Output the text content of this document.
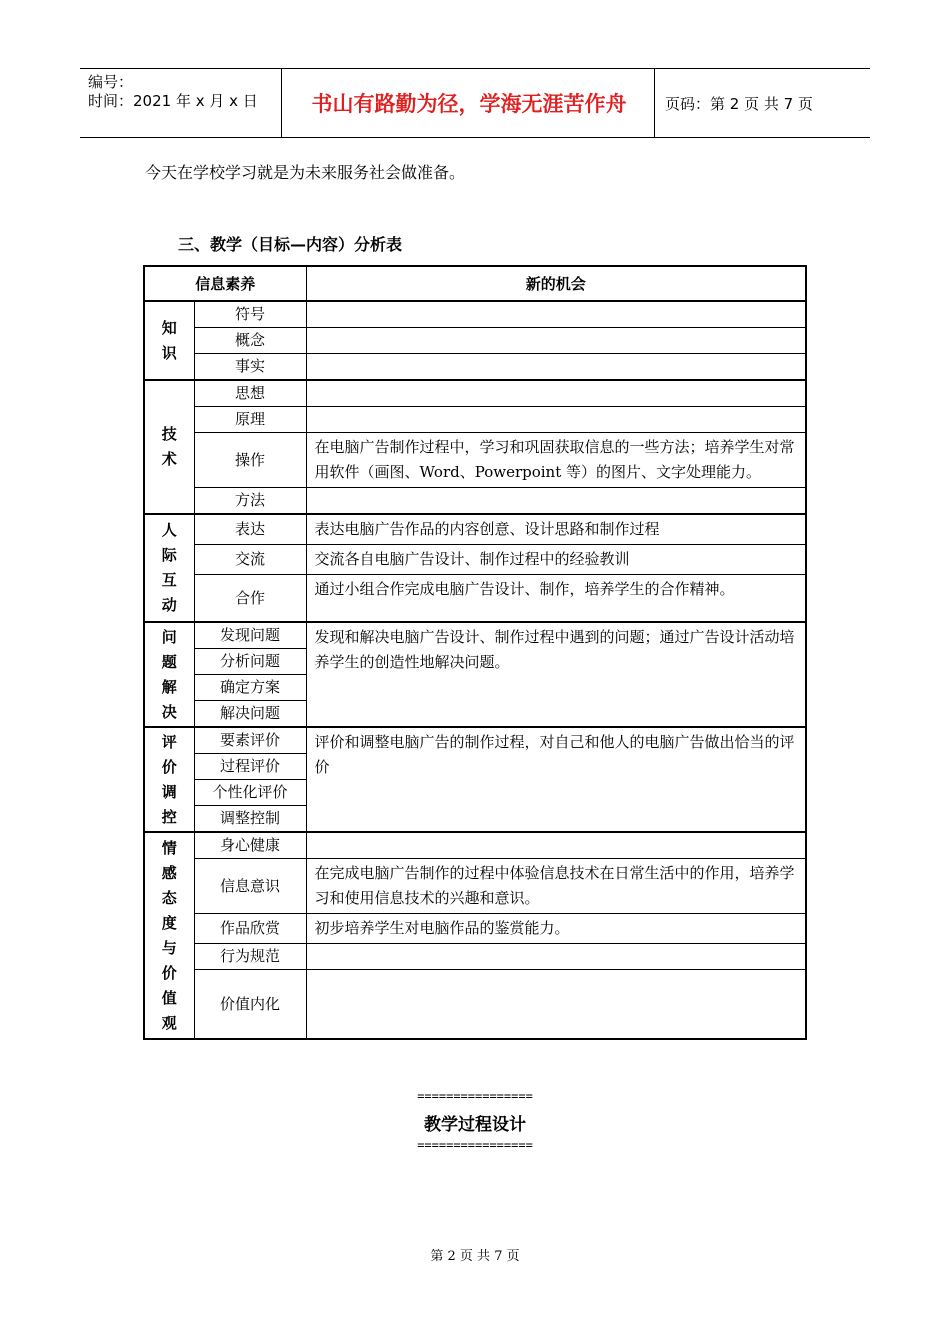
编号：
时间：2021 年 x 月 x 日	书山有路勤为径，学海无涯苦作舟	页码：第 2 页 共 7 页
今天在学校学习就是为未来服务社会做准备。
三、教学（目标—内容）分析表
信息素养		新的机会

知识	符号	
	概念	
	事实	

技术	思想	
	原理	
	操作	在电脑广告制作过程中，学习和巩固获取信息的一些方法；培养学生对常用软件（画图、Word、Powerpoint 等）的图片、文字处理能力。
	方法	

人际互动	表达	表达电脑广告作品的内容创意、设计思路和制作过程
	交流	交流各自电脑广告设计、制作过程中的经验教训
	合作	通过小组合作完成电脑广告设计、制作，培养学生的合作精神。

问题解决	发现问题	发现和解决电脑广告设计、制作过程中遇到的问题；通过广告设计活动培养学生的创造性地解决问题。
	分析问题	
	确定方案	
	解决问题	

评价调控	要素评价	评价和调整电脑广告的制作过程，对自己和他人的电脑广告做出恰当的评价
	过程评价	
	个性化评价	
	调整控制	

情感态度与价值观	身心健康	
	信息意识	在完成电脑广告制作的过程中体验信息技术在日常生活中的作用，培养学习和使用信息技术的兴趣和意识。
	作品欣赏	初步培养学生对电脑作品的鉴赏能力。
	行为规范	
	价值内化	
================
教学过程设计
================
第 2 页 共 7 页
